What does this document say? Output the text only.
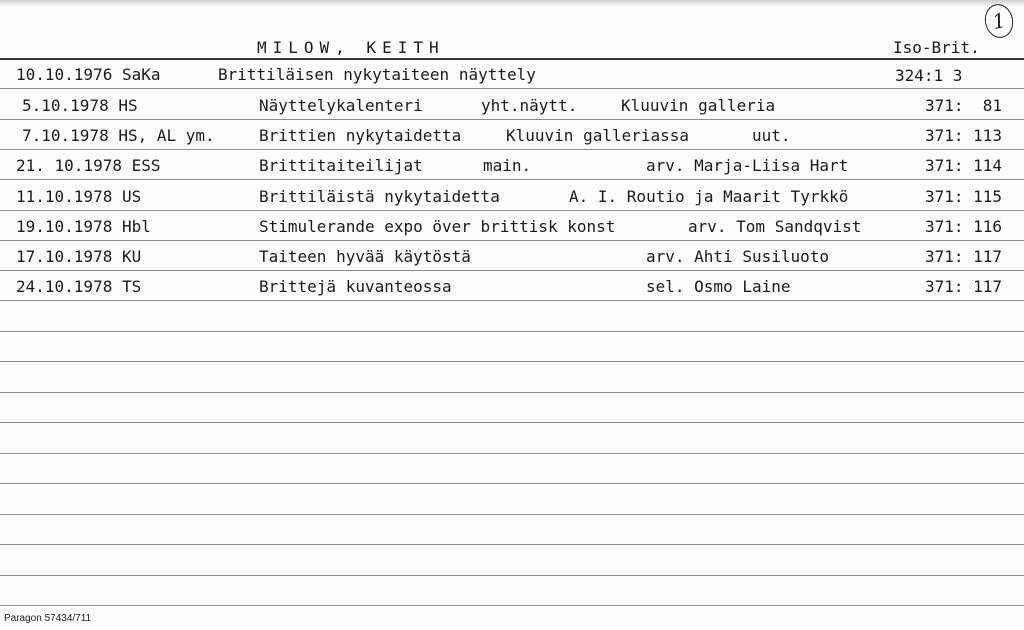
1
MILOW, KEITH	Iso-Brit.
10.10.1976 SaKa	Brittiläisen nykytaiteen näyttely	324:1 3
5.10.1978 HS	Näyttelykalenteri	yht.näytt.	Kluuvin galleria	371:  81
7.10.1978 HS, AL ym.	Brittien nykytaidetta	Kluuvin galleriassa	uut.	371: 113
21. 10.1978 ESS	Brittitaiteilijat	main.	arv. Marja-Liisa Hart	371: 114
11.10.1978 US	Brittiläistä nykytaidetta	A. I. Routio ja Maarit Tyrkkö	371: 115
19.10.1978 Hbl	Stimulerande expo över brittisk konst	arv. Tom Sandqvist	371: 116
17.10.1978 KU	Taiteen hyvää käytöstä	arv. Ahti Susiluoto	371: 117
24.10.1978 TS	Brittejä kuvanteossa	sel. Osmo Laine	371: 117
Paragon 57434/711
